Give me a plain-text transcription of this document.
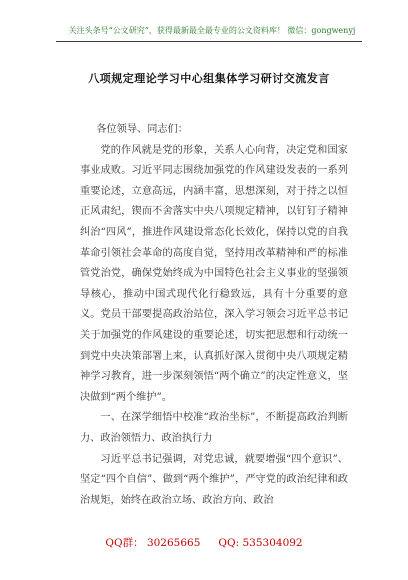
关注头条号“公文研究”，获得最新最全最专业的公文资料库！ 微信：gongwenyj
八项规定理论学习中心组集体学习研讨交流发言

各位领导、同志们：

党的作风就是党的形象，关系人心向背，决定党和国家事业成败。习近平同志围绕加强党的作风建设发表的一系列重要论述，立意高远，内涵丰富，思想深刻，对于持之以恒正风肃纪，锲而不舍落实中央八项规定精神，以钉钉子精神纠治“四风”，推进作风建设常态化长效化，保持以党的自我革命引领社会革命的高度自觉，坚持用改革精神和严的标准管党治党，确保党始终成为中国特色社会主义事业的坚强领导核心，推动中国式现代化行稳致远，具有十分重要的意义。党员干部要提高政治站位，深入学习领会习近平总书记关于加强党的作风建设的重要论述，切实把思想和行动统一到党中央决策部署上来，认真抓好深入贯彻中央八项规定精神学习教育，进一步深刻领悟“两个确立”的决定性意义，坚决做到“两个维护”。

一、在深学细悟中校准“政治坐标”，不断提高政治判断力、政治领悟力、政治执行力

习近平总书记强调，对党忠诚，就要增强“四个意识”、坚定“四个自信”、做到“两个维护”，严守党的政治纪律和政治规矩，始终在政治立场、政治方向、政治

QQ群： 30265665 QQ: 535304092
